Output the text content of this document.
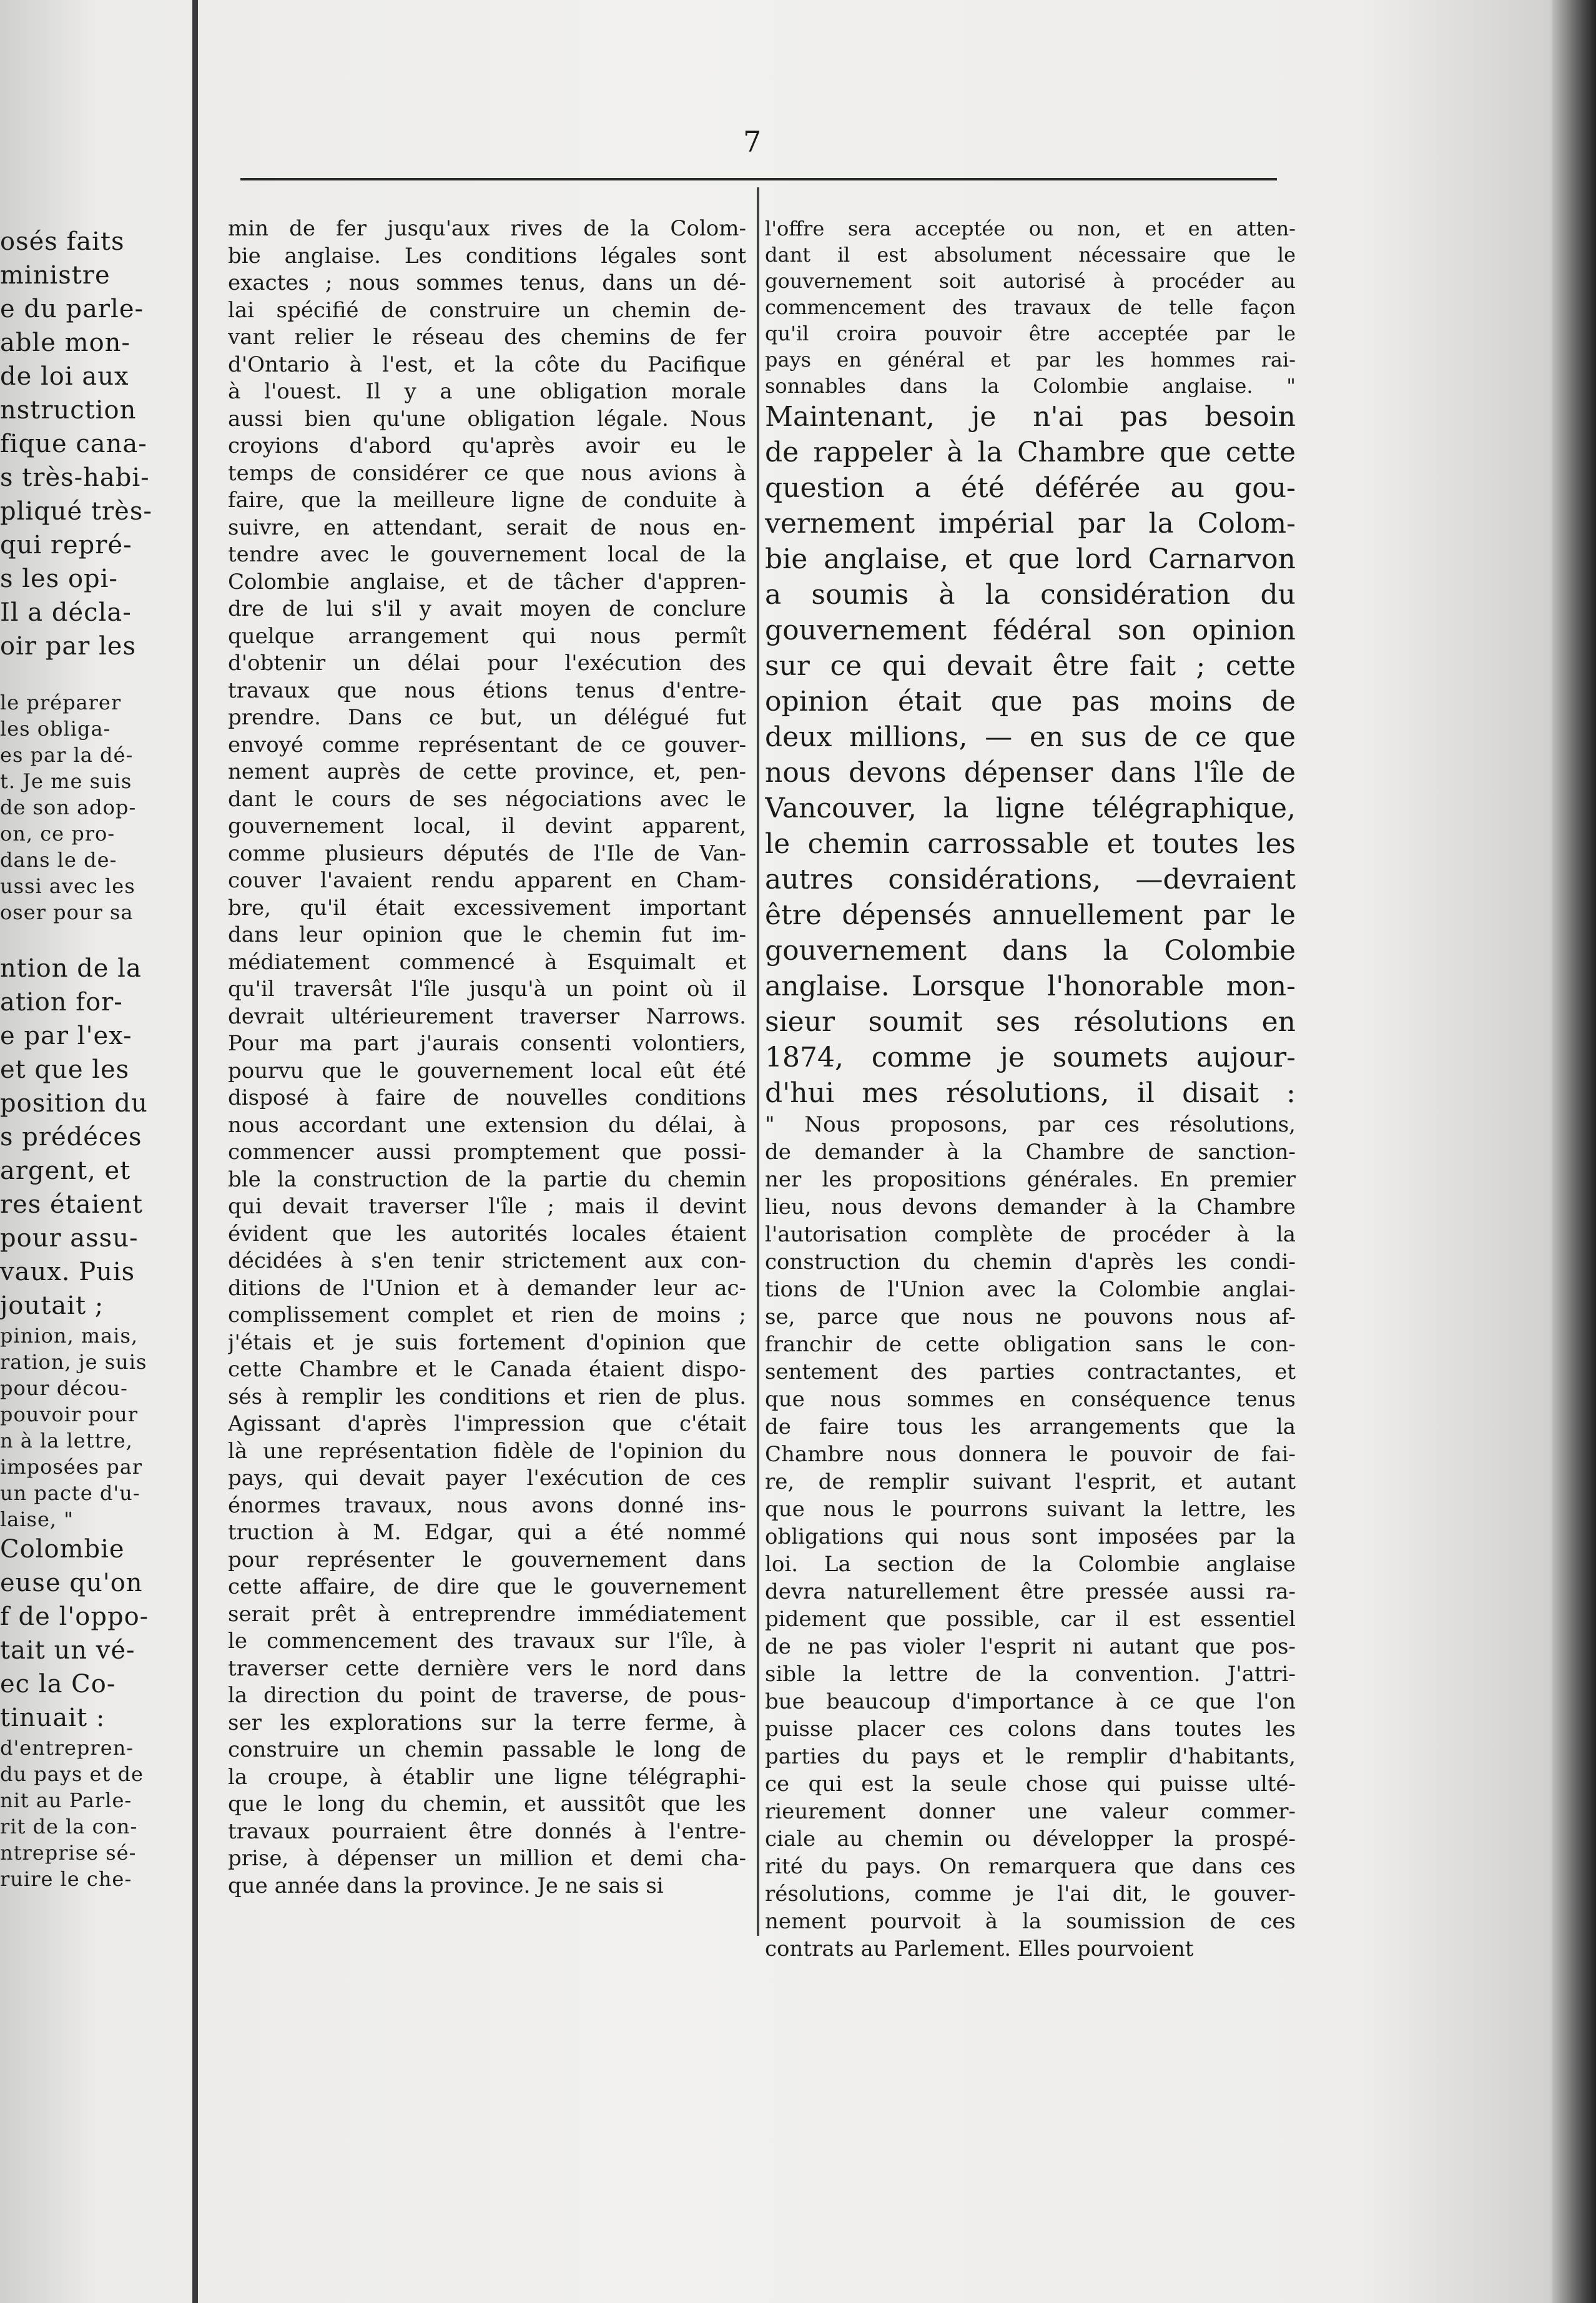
7

osés faits

ministre

e du parle-

able mon-

de loi aux

nstruction

fique cana-

s très-habi-

pliqué très-

qui repré-

s les opi-

Il a décla-

oir par les

le préparer

les obliga-

es par la dé-

t. Je me suis

de son adop-

on, ce pro-

dans le de-

ussi avec les

oser pour sa

ntion de la

ation for-

e par l'ex-

et que les

position du

s prédéces

argent, et

res étaient

pour assu-

vaux. Puis

joutait ;

pinion, mais,

ration, je suis

pour décou-

pouvoir pour

n à la lettre,

imposées par

un pacte d'u-

laise, "

Colombie

euse qu'on

f de l'oppo-

tait un vé-

ec la Co-

tinuait :

d'entrepren-

du pays et de

nit au Parle-

rit de la con-

ntreprise sé-

ruire le che-

min de fer jusqu'aux rives de la Colom-

bie anglaise. Les conditions légales sont

exactes ; nous sommes tenus, dans un dé-

lai spécifié de construire un chemin de-

vant relier le réseau des chemins de fer

d'Ontario à l'est, et la côte du Pacifique

à l'ouest. Il y a une obligation morale

aussi bien qu'une obligation légale. Nous

croyions d'abord qu'après avoir eu le

temps de considérer ce que nous avions à

faire, que la meilleure ligne de conduite à

suivre, en attendant, serait de nous en-

tendre avec le gouvernement local de la

Colombie anglaise, et de tâcher d'appren-

dre de lui s'il y avait moyen de conclure

quelque arrangement qui nous permît

d'obtenir un délai pour l'exécution des

travaux que nous étions tenus d'entre-

prendre. Dans ce but, un délégué fut

envoyé comme représentant de ce gouver-

nement auprès de cette province, et, pen-

dant le cours de ses négociations avec le

gouvernement local, il devint apparent,

comme plusieurs députés de l'Ile de Van-

couver l'avaient rendu apparent en Cham-

bre, qu'il était excessivement important

dans leur opinion que le chemin fut im-

médiatement commencé à Esquimalt et

qu'il traversât l'île jusqu'à un point où il

devrait ultérieurement traverser Narrows.

Pour ma part j'aurais consenti volontiers,

pourvu que le gouvernement local eût été

disposé à faire de nouvelles conditions

nous accordant une extension du délai, à

commencer aussi promptement que possi-

ble la construction de la partie du chemin

qui devait traverser l'île ; mais il devint

évident que les autorités locales étaient

décidées à s'en tenir strictement aux con-

ditions de l'Union et à demander leur ac-

complissement complet et rien de moins ;

j'étais et je suis fortement d'opinion que

cette Chambre et le Canada étaient dispo-

sés à remplir les conditions et rien de plus.

Agissant d'après l'impression que c'était

là une représentation fidèle de l'opinion du

pays, qui devait payer l'exécution de ces

énormes travaux, nous avons donné ins-

truction à M. Edgar, qui a été nommé

pour représenter le gouvernement dans

cette affaire, de dire que le gouvernement

serait prêt à entreprendre immédiatement

le commencement des travaux sur l'île, à

traverser cette dernière vers le nord dans

la direction du point de traverse, de pous-

ser les explorations sur la terre ferme, à

construire un chemin passable le long de

la croupe, à établir une ligne télégraphi-

que le long du chemin, et aussitôt que les

travaux pourraient être donnés à l'entre-

prise, à dépenser un million et demi cha-

que année dans la province. Je ne sais si

l'offre sera acceptée ou non, et en atten-

dant il est absolument nécessaire que le

gouvernement soit autorisé à procéder au

commencement des travaux de telle façon

qu'il croira pouvoir être acceptée par le

pays en général et par les hommes rai-

sonnables dans la Colombie anglaise. "

Maintenant, je n'ai pas besoin

de rappeler à la Chambre que cette

question a été déférée au gou-

vernement impérial par la Colom-

bie anglaise, et que lord Carnarvon

a soumis à la considération du

gouvernement fédéral son opinion

sur ce qui devait être fait ; cette

opinion était que pas moins de

deux millions, — en sus de ce que

nous devons dépenser dans l'île de

Vancouver, la ligne télégraphique,

le chemin carrossable et toutes les

autres considérations, —devraient

être dépensés annuellement par le

gouvernement dans la Colombie

anglaise. Lorsque l'honorable mon-

sieur soumit ses résolutions en

1874, comme je soumets aujour-

d'hui mes résolutions, il disait :

" Nous proposons, par ces résolutions,

de demander à la Chambre de sanction-

ner les propositions générales. En premier

lieu, nous devons demander à la Chambre

l'autorisation complète de procéder à la

construction du chemin d'après les condi-

tions de l'Union avec la Colombie anglai-

se, parce que nous ne pouvons nous af-

franchir de cette obligation sans le con-

sentement des parties contractantes, et

que nous sommes en conséquence tenus

de faire tous les arrangements que la

Chambre nous donnera le pouvoir de fai-

re, de remplir suivant l'esprit, et autant

que nous le pourrons suivant la lettre, les

obligations qui nous sont imposées par la

loi. La section de la Colombie anglaise

devra naturellement être pressée aussi ra-

pidement que possible, car il est essentiel

de ne pas violer l'esprit ni autant que pos-

sible la lettre de la convention. J'attri-

bue beaucoup d'importance à ce que l'on

puisse placer ces colons dans toutes les

parties du pays et le remplir d'habitants,

ce qui est la seule chose qui puisse ulté-

rieurement donner une valeur commer-

ciale au chemin ou développer la prospé-

rité du pays. On remarquera que dans ces

résolutions, comme je l'ai dit, le gouver-

nement pourvoit à la soumission de ces

contrats au Parlement. Elles pourvoient
